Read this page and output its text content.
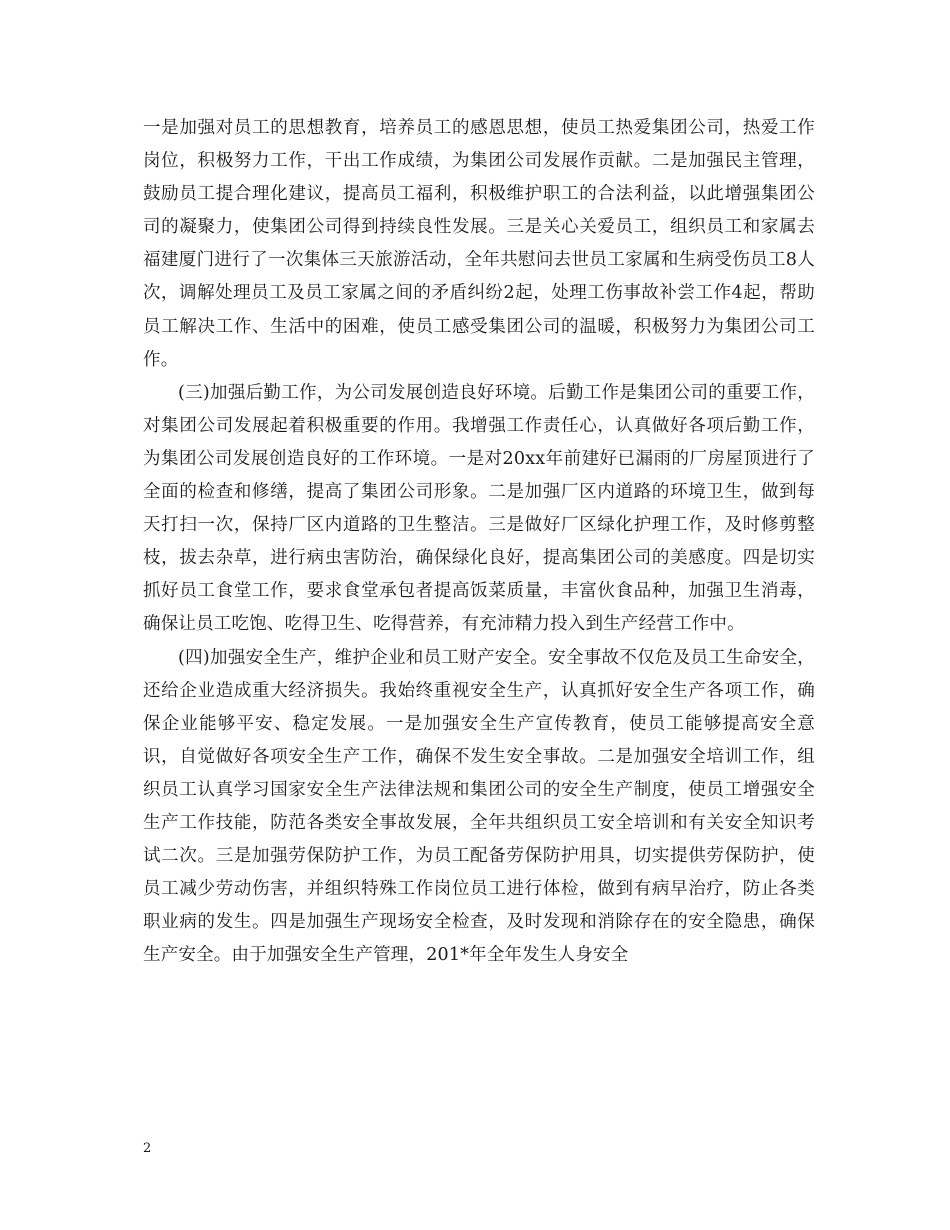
一是加强对员工的思想教育，培养员工的感恩思想，使员工热爱集团公司，热爱工作岗位，积极努力工作，干出工作成绩，为集团公司发展作贡献。二是加强民主管理，鼓励员工提合理化建议，提高员工福利，积极维护职工的合法利益，以此增强集团公司的凝聚力，使集团公司得到持续良性发展。三是关心关爱员工，组织员工和家属去福建厦门进行了一次集体三天旅游活动，全年共慰问去世员工家属和生病受伤员工8人次，调解处理员工及员工家属之间的矛盾纠纷2起，处理工伤事故补尝工作4起，帮助员工解决工作、生活中的困难，使员工感受集团公司的温暖，积极努力为集团公司工作。

(三)加强后勤工作，为公司发展创造良好环境。后勤工作是集团公司的重要工作，对集团公司发展起着积极重要的作用。我增强工作责任心，认真做好各项后勤工作，为集团公司发展创造良好的工作环境。一是对20xx年前建好已漏雨的厂房屋顶进行了全面的检查和修缮，提高了集团公司形象。二是加强厂区内道路的环境卫生，做到每天打扫一次，保持厂区内道路的卫生整洁。三是做好厂区绿化护理工作，及时修剪整枝，拔去杂草，进行病虫害防治，确保绿化良好，提高集团公司的美感度。四是切实抓好员工食堂工作，要求食堂承包者提高饭菜质量，丰富伙食品种，加强卫生消毒，确保让员工吃饱、吃得卫生、吃得营养，有充沛精力投入到生产经营工作中。

(四)加强安全生产，维护企业和员工财产安全。安全事故不仅危及员工生命安全，还给企业造成重大经济损失。我始终重视安全生产，认真抓好安全生产各项工作，确保企业能够平安、稳定发展。一是加强安全生产宣传教育，使员工能够提高安全意识，自觉做好各项安全生产工作，确保不发生安全事故。二是加强安全培训工作，组织员工认真学习国家安全生产法律法规和集团公司的安全生产制度，使员工增强安全生产工作技能，防范各类安全事故发展，全年共组织员工安全培训和有关安全知识考试二次。三是加强劳保防护工作，为员工配备劳保防护用具，切实提供劳保防护，使员工减少劳动伤害，并组织特殊工作岗位员工进行体检，做到有病早治疗，防止各类职业病的发生。四是加强生产现场安全检查，及时发现和消除存在的安全隐患，确保生产安全。由于加强安全生产管理，201*年全年发生人身安全

2
